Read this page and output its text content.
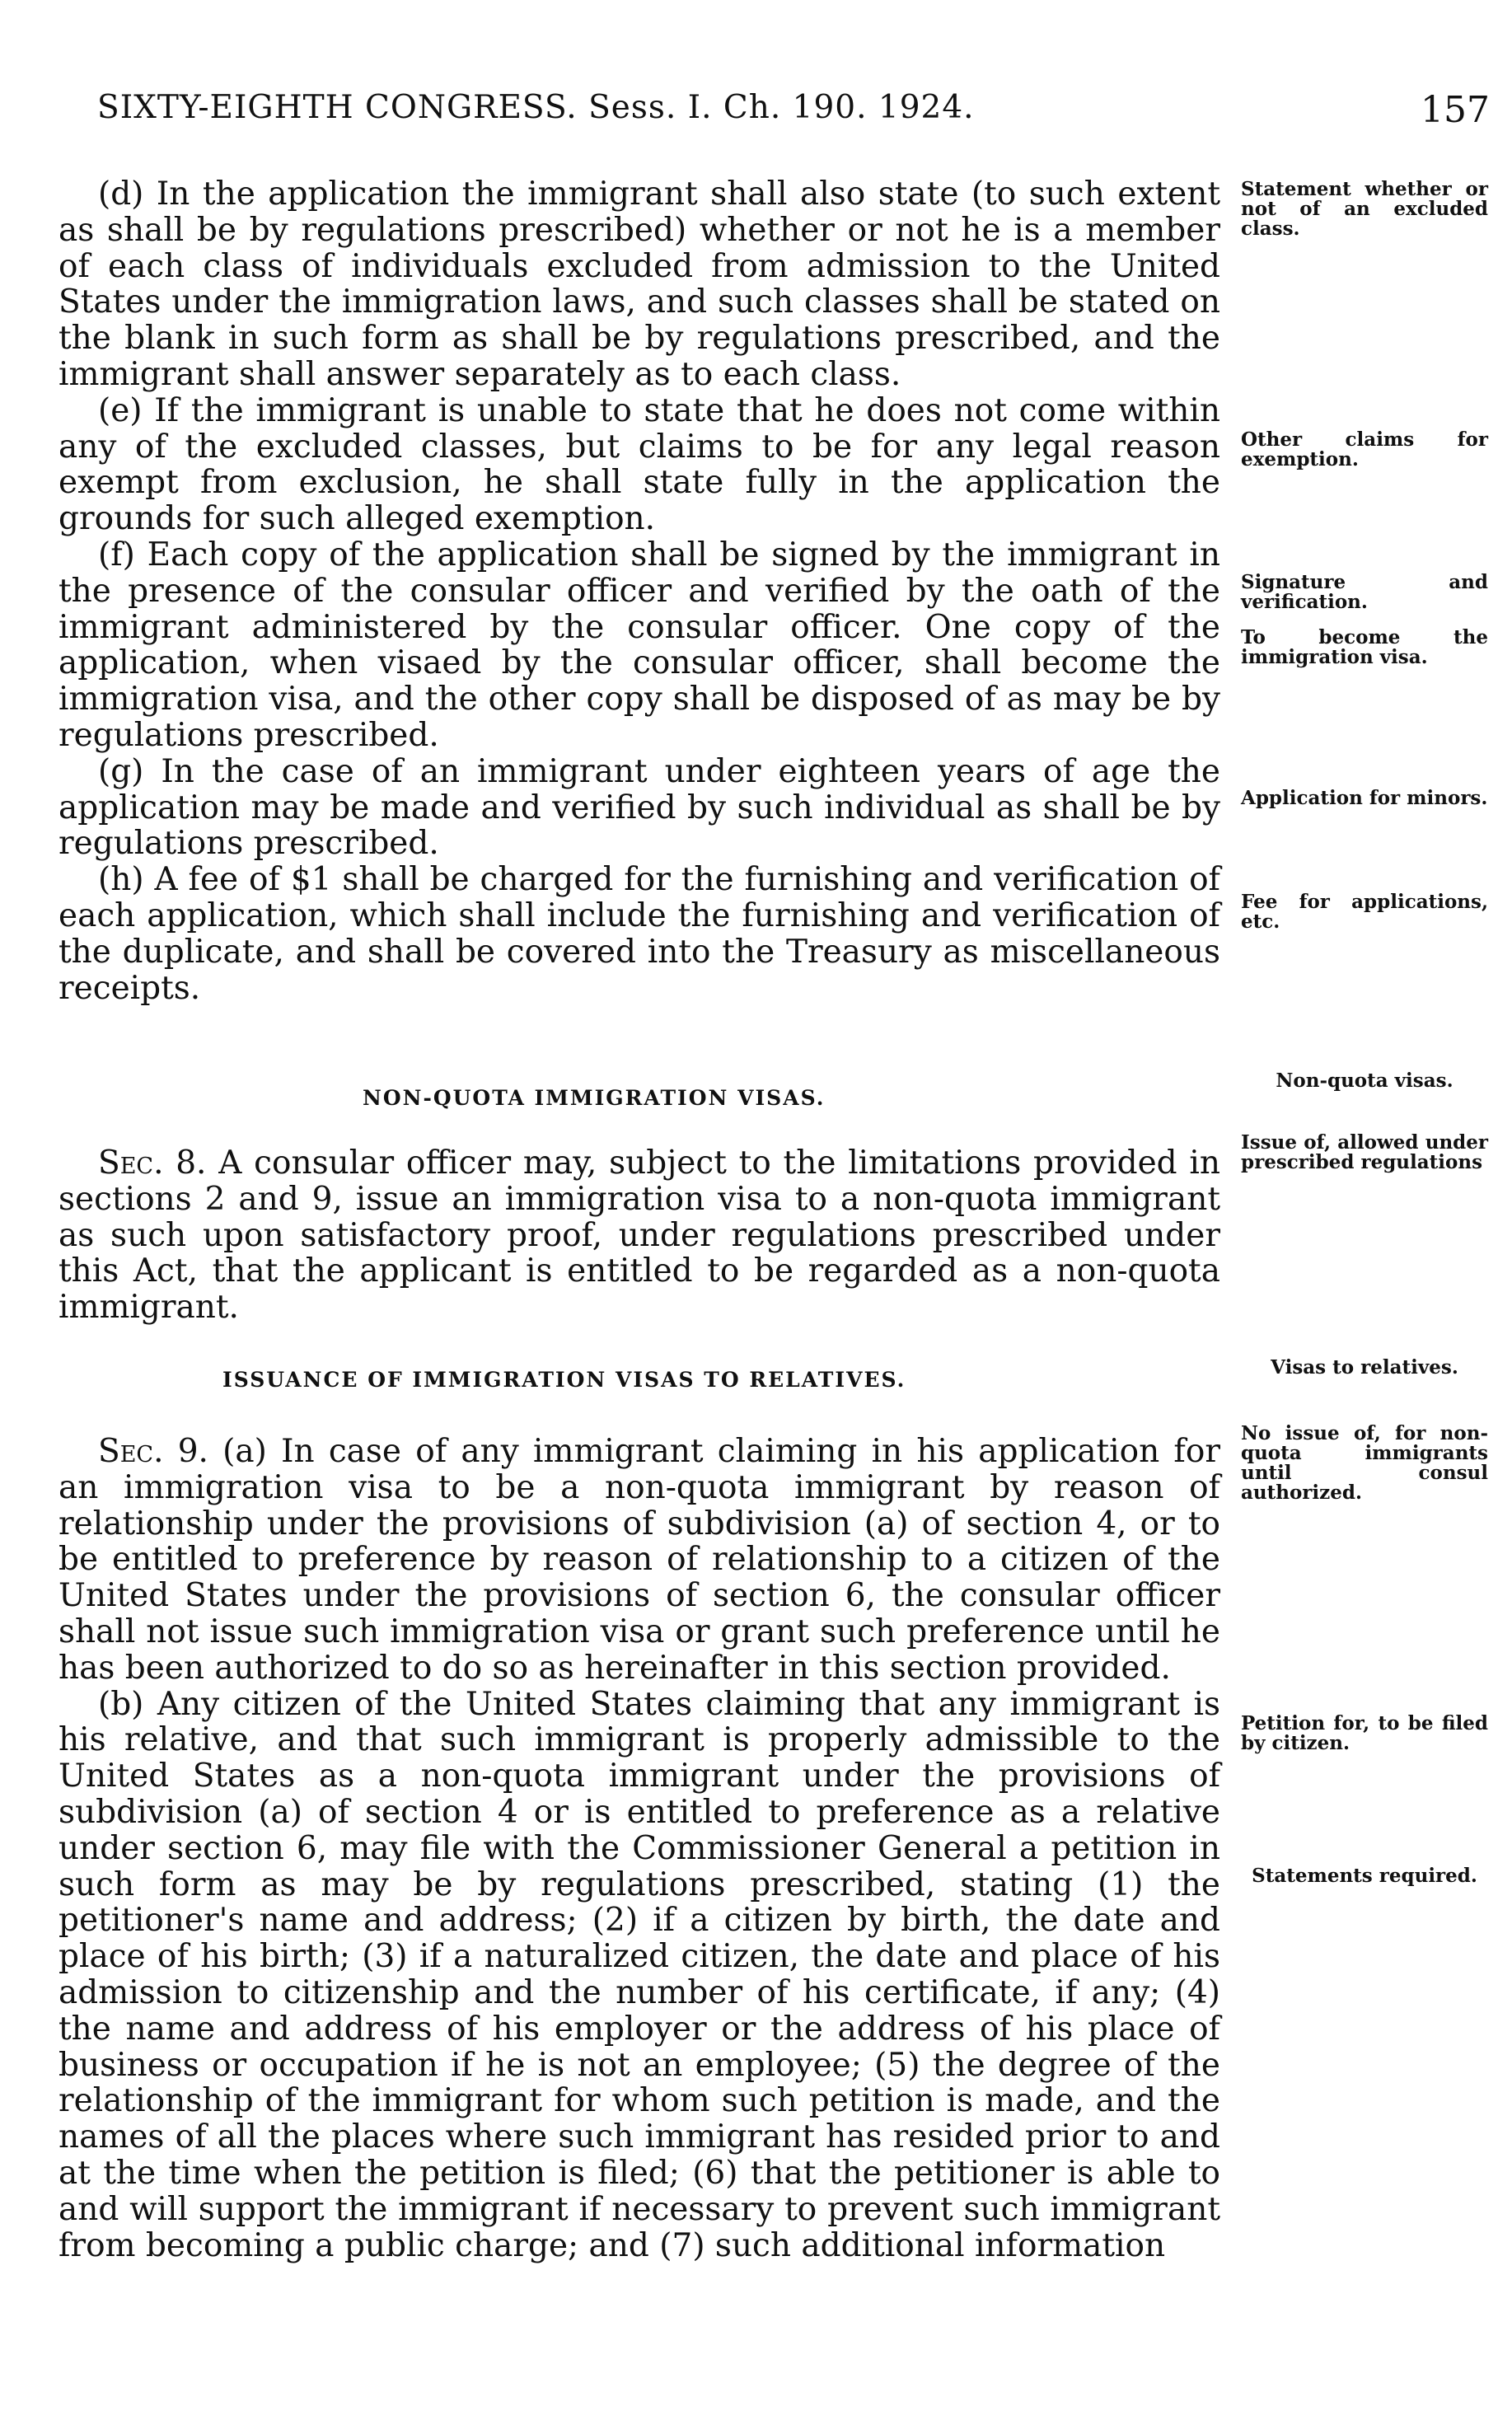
SIXTY-EIGHTH CONGRESS. Sess. I. Ch. 190. 1924.	157

(d) In the application the immigrant shall also state (to such extent as shall be by regulations prescribed) whether or not he is a member of each class of individuals excluded from admission to the United States under the immigration laws, and such classes shall be stated on the blank in such form as shall be by regulations prescribed, and the immigrant shall answer separately as to each class.

(e) If the immigrant is unable to state that he does not come within any of the excluded classes, but claims to be for any legal reason exempt from exclusion, he shall state fully in the application the grounds for such alleged exemption.

(f) Each copy of the application shall be signed by the immigrant in the presence of the consular officer and verified by the oath of the immigrant administered by the consular officer. One copy of the application, when visaed by the consular officer, shall become the immigration visa, and the other copy shall be disposed of as may be by regulations prescribed.

(g) In the case of an immigrant under eighteen years of age the application may be made and verified by such individual as shall be by regulations prescribed.

(h) A fee of $1 shall be charged for the furnishing and verification of each application, which shall include the furnishing and verification of the duplicate, and shall be covered into the Treasury as miscellaneous receipts.

NON-QUOTA IMMIGRATION VISAS.

Sec. 8. A consular officer may, subject to the limitations provided in sections 2 and 9, issue an immigration visa to a non-quota immigrant as such upon satisfactory proof, under regulations prescribed under this Act, that the applicant is entitled to be regarded as a non-quota immigrant.

ISSUANCE OF IMMIGRATION VISAS TO RELATIVES.

Sec. 9. (a) In case of any immigrant claiming in his application for an immigration visa to be a non-quota immigrant by reason of relationship under the provisions of subdivision (a) of section 4, or to be entitled to preference by reason of relationship to a citizen of the United States under the provisions of section 6, the consular officer shall not issue such immigration visa or grant such preference until he has been authorized to do so as hereinafter in this section provided.

(b) Any citizen of the United States claiming that any immigrant is his relative, and that such immigrant is properly admissible to the United States as a non-quota immigrant under the provisions of subdivision (a) of section 4 or is entitled to preference as a relative under section 6, may file with the Commissioner General a petition in such form as may be by regulations prescribed, stating (1) the petitioner's name and address; (2) if a citizen by birth, the date and place of his birth; (3) if a naturalized citizen, the date and place of his admission to citizenship and the number of his certificate, if any; (4) the name and address of his employer or the address of his place of business or occupation if he is not an employee; (5) the degree of the relationship of the immigrant for whom such petition is made, and the names of all the places where such immigrant has resided prior to and at the time when the petition is filed; (6) that the petitioner is able to and will support the immigrant if necessary to prevent such immigrant from becoming a public charge; and (7) such additional information

Statement whether or not of an excluded class.
Other claims for exemption.
Signature and verification.
To become the immigration visa.
Application for minors.
Fee for applications, etc.
Non-quota visas.
Issue of, allowed under prescribed regulations
Visas to relatives.
No issue of, for non-quota immigrants until consul authorized.
Petition for, to be filed by citizen.
Statements required.
